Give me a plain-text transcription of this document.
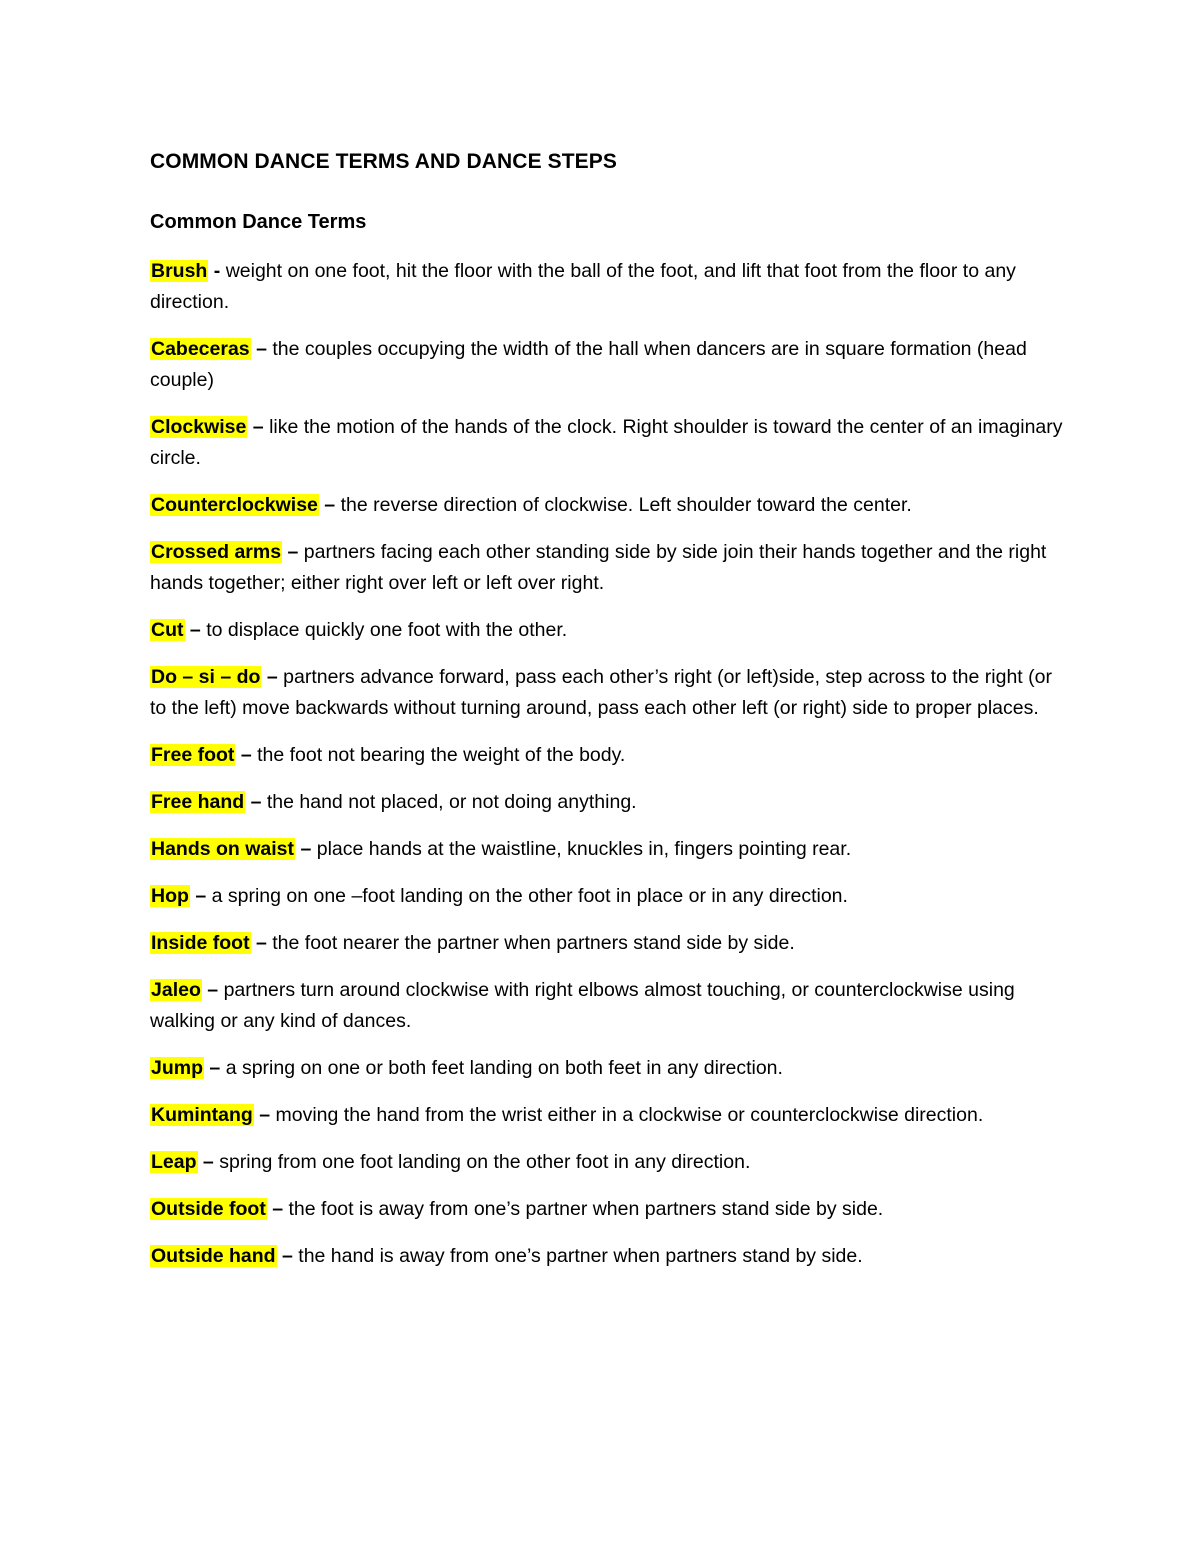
COMMON DANCE TERMS AND DANCE STEPS
Common Dance Terms

Brush - weight on one foot, hit the floor with the ball of the foot, and lift that foot from the floor to any direction.

Cabeceras – the couples occupying the width of the hall when dancers are in square formation (head couple)

Clockwise – like the motion of the hands of the clock. Right shoulder is toward the center of an imaginary circle.

Counterclockwise – the reverse direction of clockwise. Left shoulder toward the center.

Crossed arms – partners facing each other standing side by side join their hands together and the right hands together; either right over left or left over right.

Cut – to displace quickly one foot with the other.

Do – si – do – partners advance forward, pass each other’s right (or left)side, step across to the right (or to the left) move backwards without turning around, pass each other left (or right) side to proper places.

Free foot – the foot not bearing the weight of the body.

Free hand – the hand not placed, or not doing anything.

Hands on waist – place hands at the waistline, knuckles in, fingers pointing rear.

Hop – a spring on one –foot landing on the other foot in place or in any direction.

Inside foot – the foot nearer the partner when partners stand side by side.

Jaleo – partners turn around clockwise with right elbows almost touching, or counterclockwise using walking or any kind of dances.

Jump – a spring on one or both feet landing on both feet in any direction.

Kumintang – moving the hand from the wrist either in a clockwise or counterclockwise direction.

Leap – spring from one foot landing on the other foot in any direction.

Outside foot – the foot is away from one’s partner when partners stand side by side.

Outside hand – the hand is away from one’s partner when partners stand by side.
